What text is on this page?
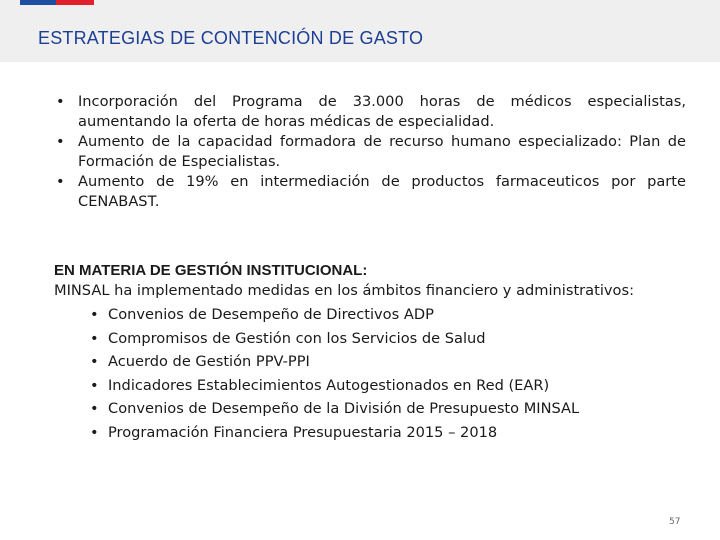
ESTRATEGIAS DE CONTENCIÓN DE GASTO
• Incorporación del Programa de 33.000 horas de médicos especialistas, aumentando la oferta de horas médicas de especialidad.
• Aumento de la capacidad formadora de recurso humano especializado: Plan de Formación de Especialistas.
• Aumento de 19% en intermediación de productos farmaceuticos por parte CENABAST.
EN MATERIA DE GESTIÓN INSTITUCIONAL:
MINSAL ha implementado medidas en los ámbitos financiero y administrativos:
• Convenios de Desempeño de Directivos ADP
• Compromisos de Gestión con los Servicios de Salud
• Acuerdo de Gestión PPV-PPI
• Indicadores Establecimientos Autogestionados en Red (EAR)
• Convenios de Desempeño de la División de Presupuesto MINSAL
• Programación Financiera Presupuestaria 2015 – 2018
57
